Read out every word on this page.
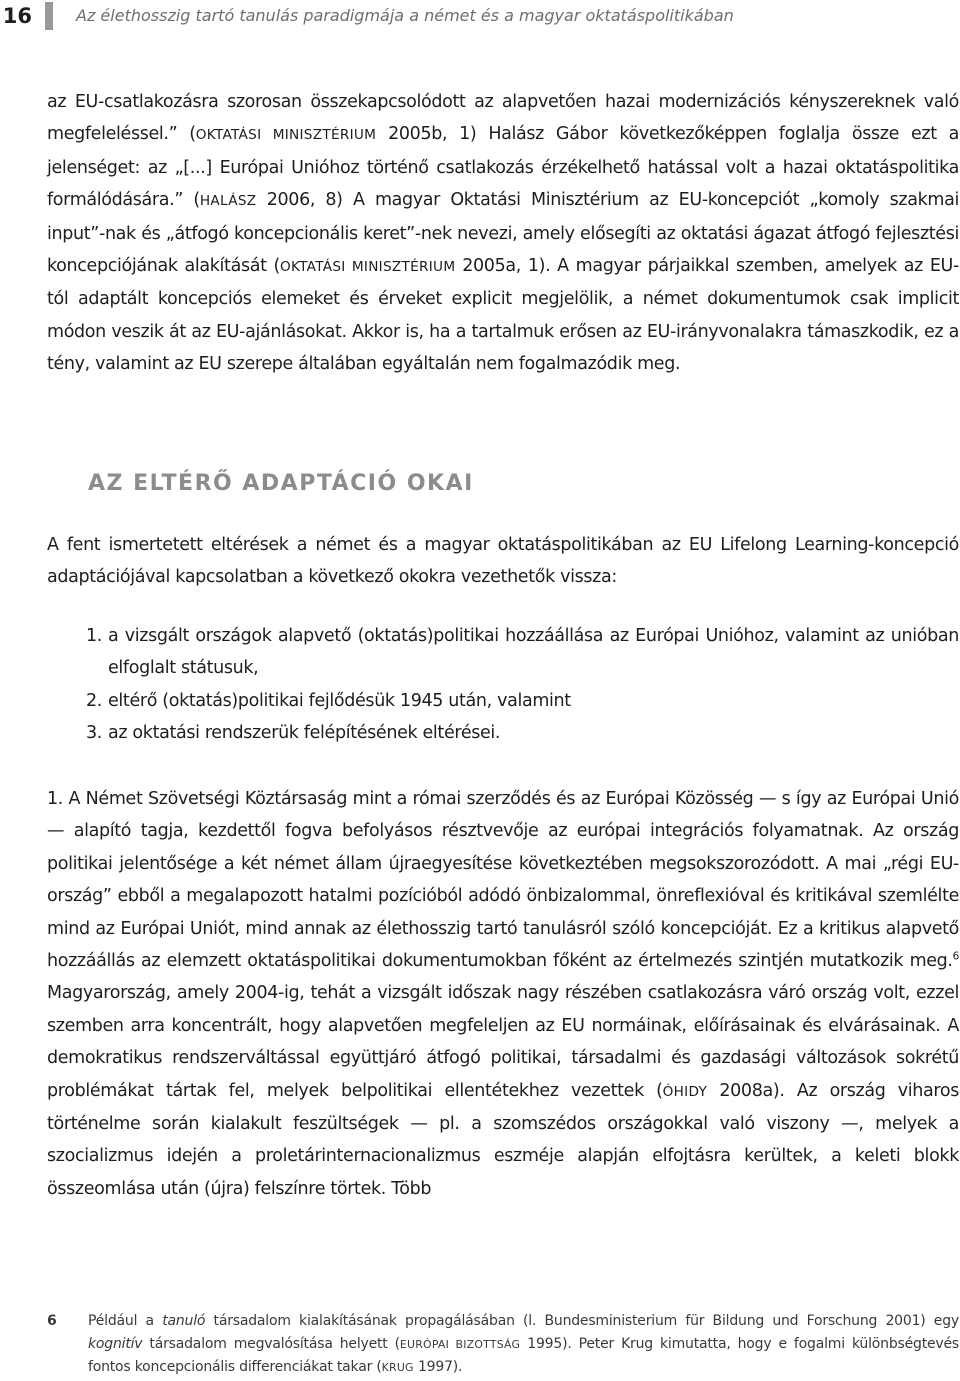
16	Az élethosszig tartó tanulás paradigmája a német és a magyar oktatáspolitikában

az EU-csatlakozásra szorosan összekapcsolódott az alapvetően hazai modernizációs kényszereknek való megfeleléssel.” (OKTATÁSI MINISZTÉRIUM 2005b, 1) Halász Gábor következőképpen foglalja össze ezt a jelenséget: az „[...] Európai Unióhoz történő csatlakozás érzékelhető hatással volt a hazai oktatáspolitika formálódására.” (HALÁSZ 2006, 8) A magyar Oktatási Minisztérium az EU-koncepciót „komoly szakmai input”-nak és „átfogó koncepcionális keret”-nek nevezi, amely elősegíti az oktatási ágazat átfogó fejlesztési koncepciójának alakítását (OKTATÁSI MINISZTÉRIUM 2005a, 1). A magyar párjaikkal szemben, amelyek az EU-tól adaptált koncepciós elemeket és érveket explicit megjelölik, a német dokumentumok csak implicit módon veszik át az EU-ajánlásokat. Akkor is, ha a tartalmuk erősen az EU-irányvonalakra támaszkodik, ez a tény, valamint az EU szerepe általában egyáltalán nem fogalmazódik meg.

AZ ELTÉRŐ ADAPTÁCIÓ OKAI

A fent ismertetett eltérések a német és a magyar oktatáspolitikában az EU Lifelong Learning-koncepció adaptációjával kapcsolatban a következő okokra vezethetők vissza:

1. a vizsgált országok alapvető (oktatás)politikai hozzáállása az Európai Unióhoz, valamint az unióban elfoglalt státusuk,
2. eltérő (oktatás)politikai fejlődésük 1945 után, valamint
3. az oktatási rendszerük felépítésének eltérései.

1. A Német Szövetségi Köztársaság mint a római szerződés és az Európai Közösség — s így az Európai Unió — alapító tagja, kezdettől fogva befolyásos résztvevője az európai integrációs folyamatnak. Az ország politikai jelentősége a két német állam újraegyesítése következtében megsokszorozódott. A mai „régi EU-ország” ebből a megalapozott hatalmi pozícióból adódó önbizalommal, önreflexióval és kritikával szemlélte mind az Európai Uniót, mind annak az élethosszig tartó tanulásról szóló koncepcióját. Ez a kritikus alapvető hozzáállás az elemzett oktatáspolitikai dokumentumokban főként az értelmezés szintjén mutatkozik meg.$^6$ Magyarország, amely 2004-ig, tehát a vizsgált időszak nagy részében csatlakozásra váró ország volt, ezzel szemben arra koncentrált, hogy alapvetően megfeleljen az EU normáinak, előírásainak és elvárásainak. A demokratikus rendszerváltással együttjáró átfogó politikai, társadalmi és gazdasági változások sokrétű problémákat tártak fel, melyek belpolitikai ellentétekhez vezettek (ÓHIDY 2008a). Az ország viharos történelme során kialakult feszültségek — pl. a szomszédos országokkal való viszony —, melyek a szocializmus idején a proletárinternacionalizmus eszméje alapján elfojtásra kerültek, a keleti blokk összeomlása után (újra) felszínre törtek. Több

6 Például a tanuló társadalom kialakításának propagálásában (l. Bundesministerium für Bildung und Forschung 2001) egy kognitív társadalom megvalósítása helyett (EURÓPAI BIZOTTSÁG 1995). Peter Krug kimutatta, hogy e fogalmi különbségtevés fontos koncepcionális differenciákat takar (KRUG 1997).
